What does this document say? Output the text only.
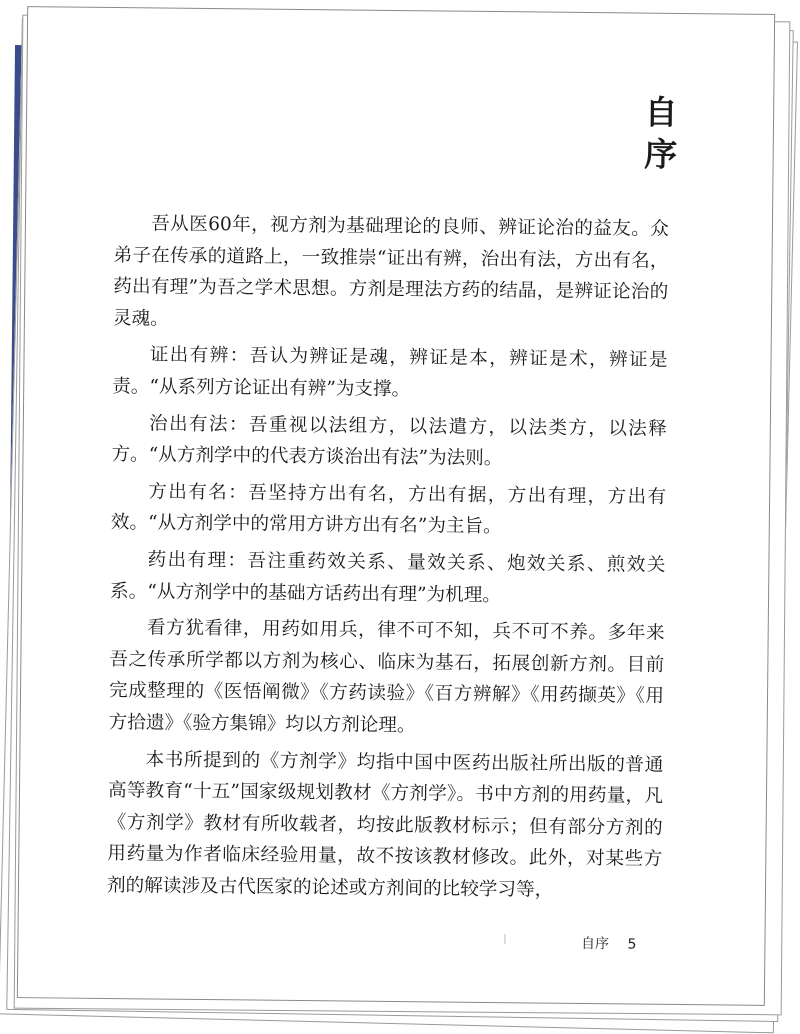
自
序

吾从医60年，视方剂为基础理论的良师、辨证论治的益友。众弟子在传承的道路上，一致推崇“证出有辨，治出有法，方出有名，药出有理”为吾之学术思想。方剂是理法方药的结晶，是辨证论治的灵魂。

证出有辨：吾认为辨证是魂，辨证是本，辨证是术，辨证是责。“从系列方论证出有辨”为支撑。

治出有法：吾重视以法组方，以法遣方，以法类方，以法释方。“从方剂学中的代表方谈治出有法”为法则。

方出有名：吾坚持方出有名，方出有据，方出有理，方出有效。“从方剂学中的常用方讲方出有名”为主旨。

药出有理：吾注重药效关系、量效关系、炮效关系、煎效关系。“从方剂学中的基础方话药出有理”为机理。

看方犹看律，用药如用兵，律不可不知，兵不可不养。多年来吾之传承所学都以方剂为核心、临床为基石，拓展创新方剂。目前完成整理的《医悟阐微》《方药读验》《百方辨解》《用药撷英》《用方拾遗》《验方集锦》均以方剂论理。

本书所提到的《方剂学》均指中国中医药出版社所出版的普通高等教育“十五”国家级规划教材《方剂学》。书中方剂的用药量，凡《方剂学》教材有所收载者，均按此版教材标示；但有部分方剂的用药量为作者临床经验用量，故不按该教材修改。此外，对某些方剂的解读涉及古代医家的论述或方剂间的比较学习等，

自序 5
